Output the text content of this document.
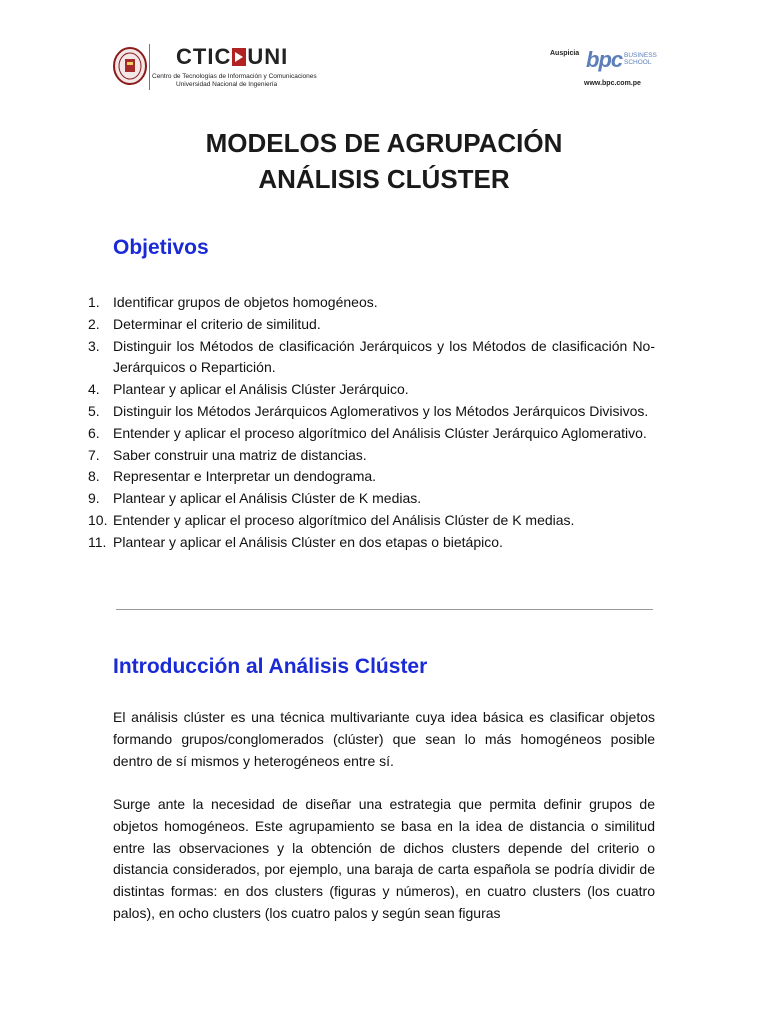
CTIC UNI
Centro de Tecnologías de Información y Comunicaciones
Universidad Nacional de Ingeniería
Auspicia bpc BUSINESS
SCHOOL
www.bpc.com.pe
MODELOS DE AGRUPACIÓN
ANÁLISIS CLÚSTER
Objetivos
1. Identificar grupos de objetos homogéneos.
2. Determinar el criterio de similitud.
3. Distinguir los Métodos de clasificación Jerárquicos y los Métodos de clasificación No-Jerárquicos o Repartición.
4. Plantear y aplicar el Análisis Clúster Jerárquico.
5. Distinguir los Métodos Jerárquicos Aglomerativos y los Métodos Jerárquicos Divisivos.
6. Entender y aplicar el proceso algorítmico del Análisis Clúster Jerárquico Aglomerativo.
7. Saber construir una matriz de distancias.
8. Representar e Interpretar un dendograma.
9. Plantear y aplicar el Análisis Clúster de K medias.
10. Entender y aplicar el proceso algorítmico del Análisis Clúster de K medias.
11. Plantear y aplicar el Análisis Clúster en dos etapas o bietápico.
Introducción al Análisis Clúster

El análisis clúster es una técnica multivariante cuya idea básica es clasificar objetos formando grupos/conglomerados (clúster) que sean lo más homogéneos posible dentro de sí mismos y heterogéneos entre sí.

Surge ante la necesidad de diseñar una estrategia que permita definir grupos de objetos homogéneos. Este agrupamiento se basa en la idea de distancia o similitud entre las observaciones y la obtención de dichos clusters depende del criterio o distancia considerados, por ejemplo, una baraja de carta española se podría dividir de distintas formas: en dos clusters (figuras y números), en cuatro clusters (los cuatro palos), en ocho clusters (los cuatro palos y según sean figuras
